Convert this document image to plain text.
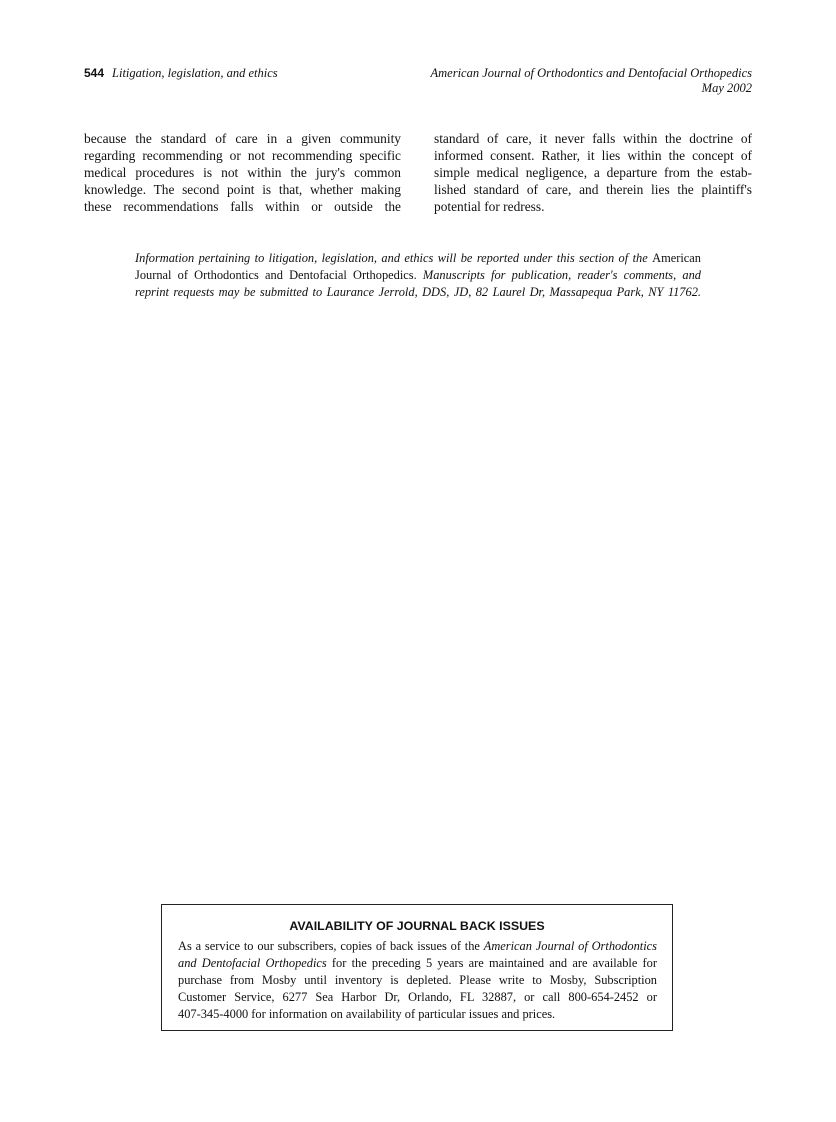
544 Litigation, legislation, and ethics	American Journal of Orthodontics and Dentofacial Orthopedics
May 2002
because the standard of care in a given community
regarding recommending or not recommending specific
medical procedures is not within the jury's common
knowledge. The second point is that, whether making
these recommendations falls within or outside the
standard of care, it never falls within the doctrine of
informed consent. Rather, it lies within the concept of
simple medical negligence, a departure from the estab-
lished standard of care, and therein lies the plaintiff's
potential for redress.
Information pertaining to litigation, legislation, and ethics will be reported under this section of the American
Journal of Orthodontics and Dentofacial Orthopedics. Manuscripts for publication, reader's comments, and
reprint requests may be submitted to Laurance Jerrold, DDS, JD, 82 Laurel Dr, Massapequa Park, NY 11762.
AVAILABILITY OF JOURNAL BACK ISSUES
As a service to our subscribers, copies of back issues of the American Journal of Orthodontics
and Dentofacial Orthopedics for the preceding 5 years are maintained and are available for
purchase from Mosby until inventory is depleted. Please write to Mosby, Subscription
Customer Service, 6277 Sea Harbor Dr, Orlando, FL 32887, or call 800-654-2452 or
407-345-4000 for information on availability of particular issues and prices.
